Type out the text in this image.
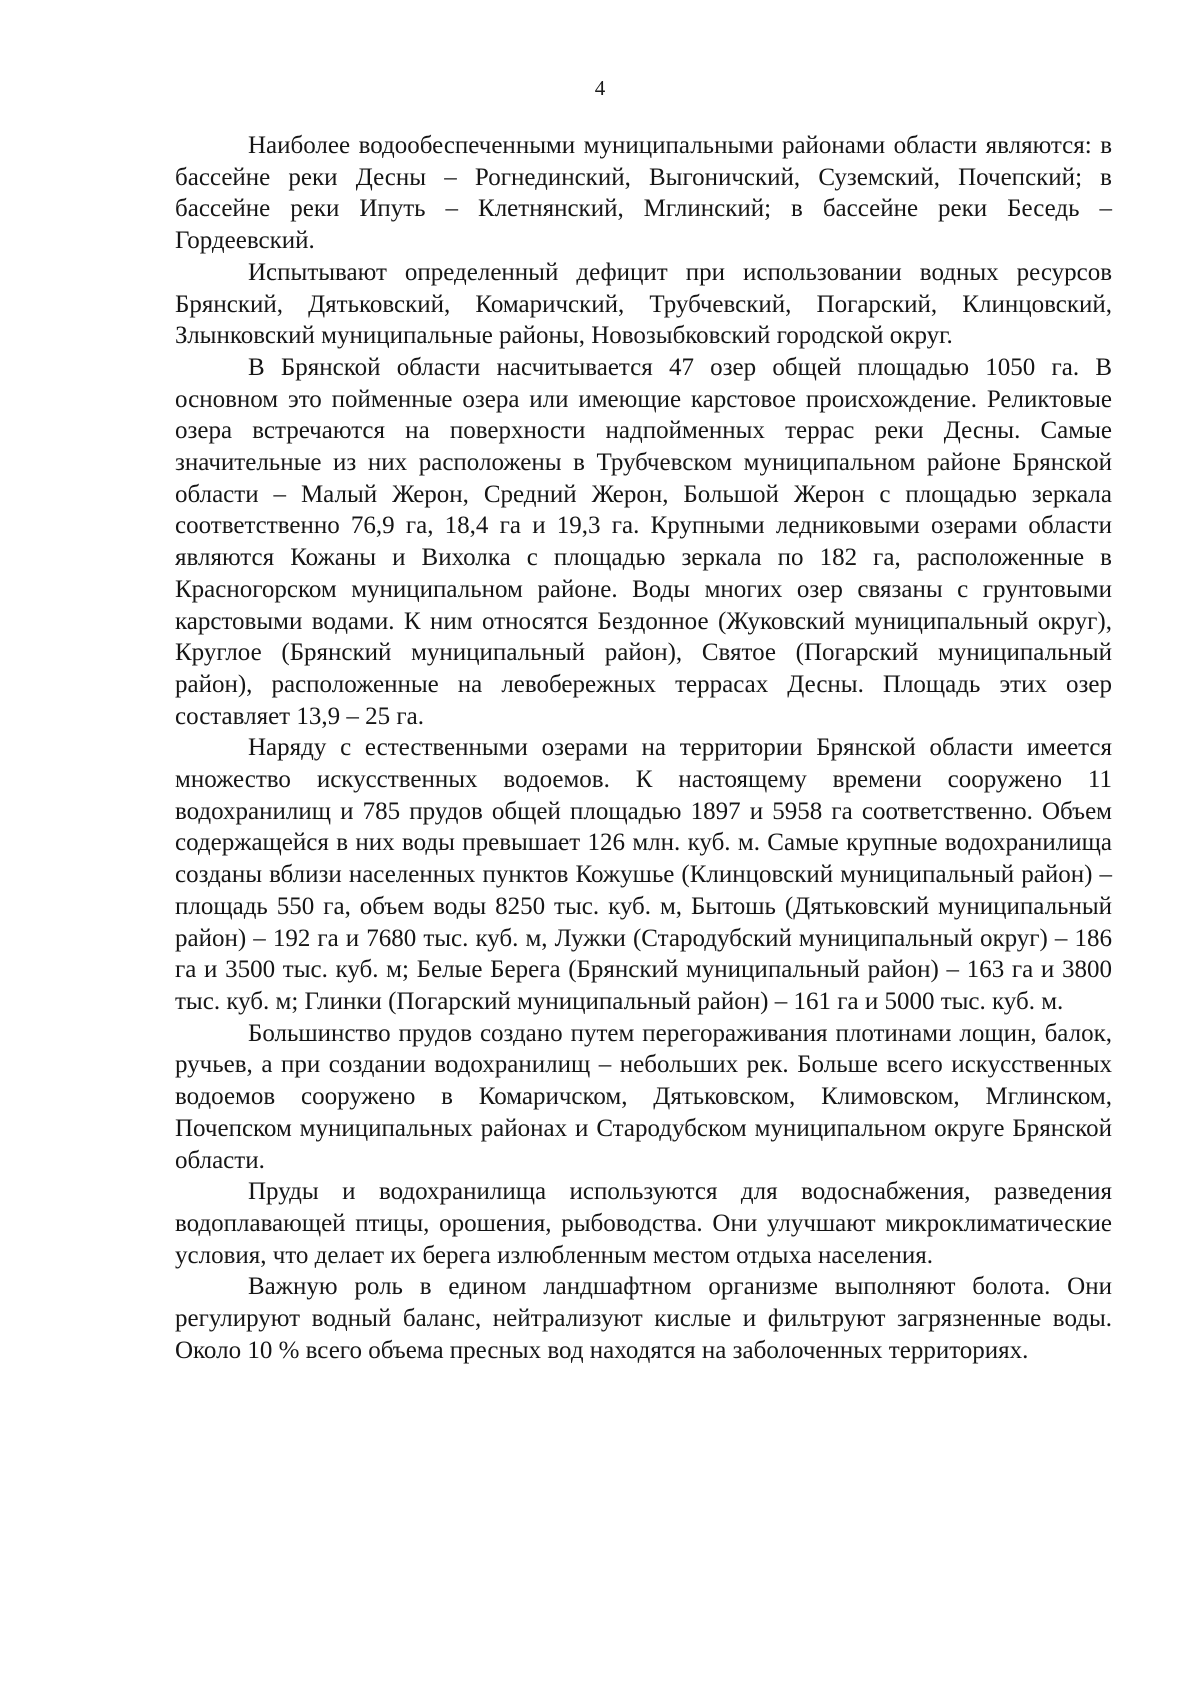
4

Наиболее водообеспеченными муниципальными районами области являются: в бассейне реки Десны – Рогнединский, Выгоничский, Суземский, Почепский; в бассейне реки Ипуть – Клетнянский, Мглинский; в бассейне реки Беседь – Гордеевский.

Испытывают определенный дефицит при использовании водных ресурсов Брянский, Дятьковский, Комаричский, Трубчевский, Погарский, Клинцовский, Злынковский муниципальные районы, Новозыбковский городской округ.

В Брянской области насчитывается 47 озер общей площадью 1050 га. В основном это пойменные озера или имеющие карстовое происхождение. Реликтовые озера встречаются на поверхности надпойменных террас реки Десны. Самые значительные из них расположены в Трубчевском муниципальном районе Брянской области – Малый Жерон, Средний Жерон, Большой Жерон с площадью зеркала соответственно 76,9 га, 18,4 га и 19,3 га. Крупными ледниковыми озерами области являются Кожаны и Вихолка с площадью зеркала по 182 га, расположенные в Красногорском муниципальном районе. Воды многих озер связаны с грунтовыми карстовыми водами. К ним относятся Бездонное (Жуковский муниципальный округ), Круглое (Брянский муниципальный район), Святое (Погарский муниципальный район), расположенные на левобережных террасах Десны. Площадь этих озер составляет 13,9 – 25 га.

Наряду с естественными озерами на территории Брянской области имеется множество искусственных водоемов. К настоящему времени сооружено 11 водохранилищ и 785 прудов общей площадью 1897 и 5958 га соответственно. Объем содержащейся в них воды превышает 126 млн. куб. м. Самые крупные водохранилища созданы вблизи населенных пунктов Кожушье (Клинцовский муниципальный район) – площадь 550 га, объем воды 8250 тыс. куб. м, Бытошь (Дятьковский муниципальный район) – 192 га и 7680 тыс. куб. м, Лужки (Стародубский муниципальный округ) – 186 га и 3500 тыс. куб. м; Белые Берега (Брянский муниципальный район) – 163 га и 3800 тыс. куб. м; Глинки (Погарский муниципальный район) – 161 га и 5000 тыс. куб. м.

Большинство прудов создано путем перегораживания плотинами лощин, балок, ручьев, а при создании водохранилищ – небольших рек. Больше всего искусственных водоемов сооружено в Комаричском, Дятьковском, Климовском, Мглинском, Почепском муниципальных районах и Стародубском муниципальном округе Брянской области.

Пруды и водохранилища используются для водоснабжения, разведения водоплавающей птицы, орошения, рыбоводства. Они улучшают микроклиматические условия, что делает их берега излюбленным местом отдыха населения.

Важную роль в едином ландшафтном организме выполняют болота. Они регулируют водный баланс, нейтрализуют кислые и фильтруют загрязненные воды. Около 10 % всего объема пресных вод находятся на заболоченных территориях.
